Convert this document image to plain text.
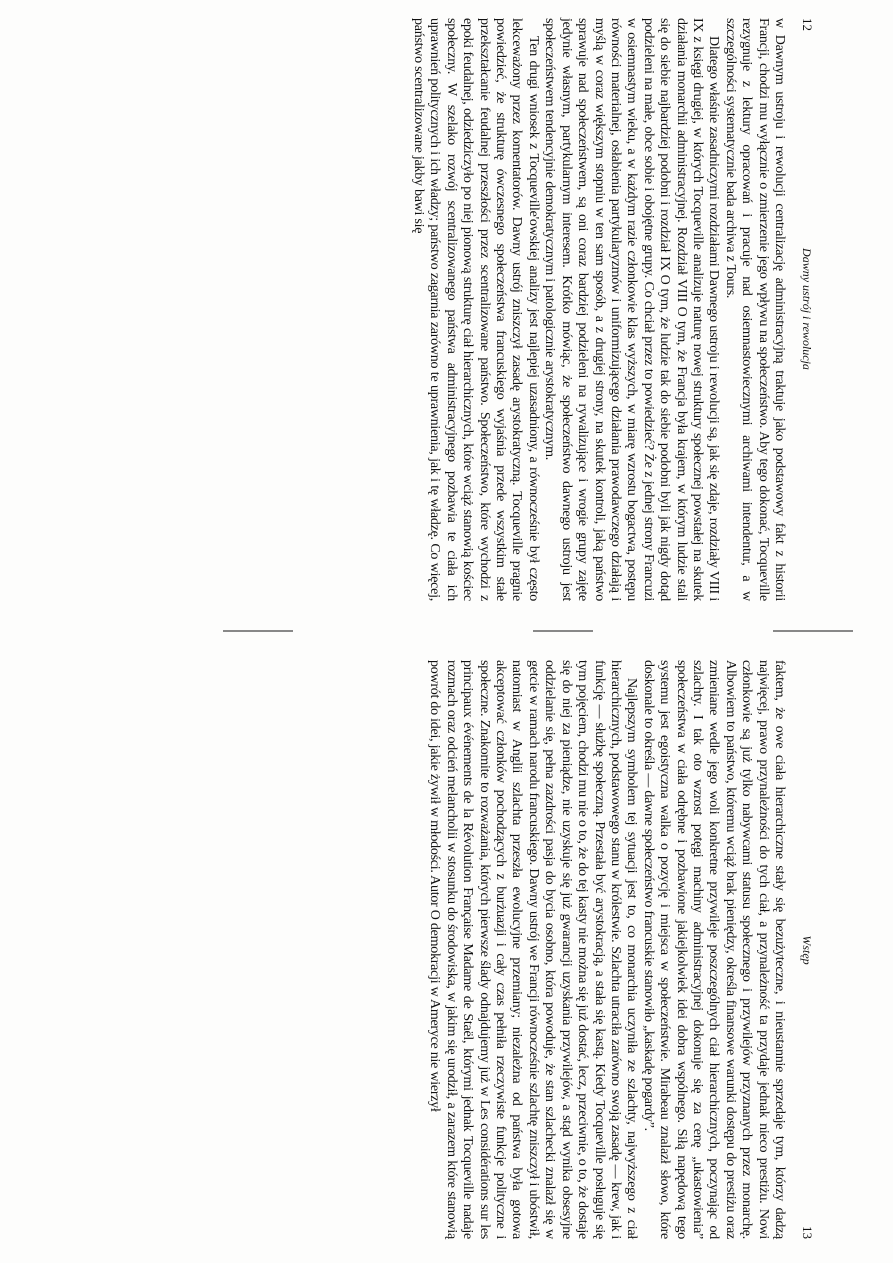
12
Dawny ustrój i rewolucja

w Dawnym ustroju i rewolucji centralizację administracyjną traktuje jako podstawowy fakt z historii Francji, chodzi mu wyłącznie o zmierzenie jego wpływu na społeczeństwo. Aby tego dokonać, Tocqueville rezygnuje z lektury opracowań i pracuje nad osiemnastowiecznymi archiwami intendentur, a w szczególności systematycznie bada archiwa z Tours.

Dlatego właśnie zasadniczymi rozdziałami Dawnego ustroju i rewolucji są, jak się zdaje, rozdziały VIII i IX z księgi drugiej, w których Tocqueville analizuje naturę nowej struktury społecznej powstałej na skutek działania monarchii administracyjnej. Rozdział VIII O tym, że Francja była krajem, w którym ludzie stali się do siebie najbardziej podobni i rozdział IX O tym, że ludzie tak do siebie podobni byli jak nigdy dotąd podzieleni na małe, obce sobie i obojętne grupy. Co chciał przez to powiedzieć? Że z jednej strony Francuzi w osiemnastym wieku, a w każdym razie członkowie klas wyższych, w miarę wzrostu bogactwa, postępu równości materialnej, osłabienia partykularyzmów i uniformizującego działania prawodawczego działają i myślą w coraz większym stopniu w ten sam sposób, a z drugiej strony, na skutek kontroli, jaką państwo sprawuje nad społeczeństwem, są oni coraz bardziej podzieleni na rywalizujące i wrogie grupy zajęte jedynie własnym, partykularnym interesem. Krótko mówiąc, że społeczeństwo dawnego ustroju jest społeczeństwem tendencyjnie demokratycznym i patologicznie arystokratycznym.

Ten drugi wniosek z Tocqueville'owskiej analizy jest najlepiej uzasadniony, a równocześnie był często lekceważony przez komentatorów. Dawny ustrój zniszczył zasadę arystokratyczną. Tocqueville pragnie powiedzieć, że strukturę ówczesnego społeczeństwa francuskiego wyjaśnia przede wszystkim stałe przekształcanie feudalnej przeszłości przez scentralizowane państwo. Społeczeństwo, które wychodzi z epoki feudalnej, odziedziczyło po niej pionową strukturę ciał hierarchicznych, które wciąż stanowią kościec społeczny. W szelako rozwój scentralizowanego państwa administracyjnego pozbawia te ciała ich uprawnień politycznych i ich władzy; państwo zagarnia zarówno te uprawnienia, jak i tę władzę. Co więcej, państwo scentralizowane jakby bawi się

Wstęp
13

faktem, że owe ciała hierarchiczne stały się bezużyteczne, i nieustannie sprzedaje tym, którzy dadzą najwięcej, prawo przynależności do tych ciał, a przynależność ta przydaje jednak nieco prestiżu. Nowi członkowie są już tylko nabywcami statusu społecznego i przywilejów przyznanych przez monarchę. Albowiem to państwo, któremu wciąż brak pieniędzy, określa finansowe warunki dostępu do prestiżu oraz zmieniane wedle jego woli konkretne przywileje poszczególnych ciał hierarchicznych, poczynając od szlachty. I tak oto wzrost potęgi machiny administracyjnej dokonuje się za cenę „ukastowienia” społeczeństwa w ciała odrębne i pozbawione jakiejkolwiek idei dobra wspólnego. Siłą napędową tego systemu jest egoistyczna walka o pozycję i miejsca w społeczeństwie. Mirabeau znalazł słowo, które doskonale to określa — dawne społeczeństwo francuskie stanowiło „kaskadę pogardy”.

Najlepszym symbolem tej sytuacji jest to, co monarchia uczyniła ze szlachty, najwyższego z ciał hierarchicznych, podstawowego stanu w królestwie. Szlachta utraciła zarówno swoją zasadę — krew, jak i funkcję — służbę społeczną. Przestała być arystokracją, a stała się kastą. Kiedy Tocqueville posługuje się tym pojęciem, chodzi mu nie o to, że do tej kasty nie można się już dostać, lecz, przeciwnie, o to, że dostaje się do niej za pieniądze, nie uzyskuje się już gwarancji uzyskania przywilejów, a stąd wynika obsesyjne oddzielanie się, pełna zazdrości pasja do bycia osobno, która powoduje, że stan szlachecki znalazł się w getcie w ramach narodu francuskiego. Dawny ustrój we Francji równocześnie szlachtę zniszczył i ubóstwił, natomiast w Anglii szlachta przeszła ewolucyjne przemiany; niezależna od państwa była gotowa akceptować członków pochodzących z burżuazji i cały czas pełniła rzeczywiste funkcje polityczne i społeczne. Znakomite to rozważania, których pierwsze ślady odnajdujemy już w Les considérations sur les principaux événements de la Révolution Française Madame de Staël, którymi jednak Tocqueville nadaje rozmach oraz odcień melancholii w stosunku do środowiska, w jakim się urodził, a zarazem które stanowią powrót do idei, jakie żywił w młodości. Autor O demokracji w Ameryce nie wierzył
